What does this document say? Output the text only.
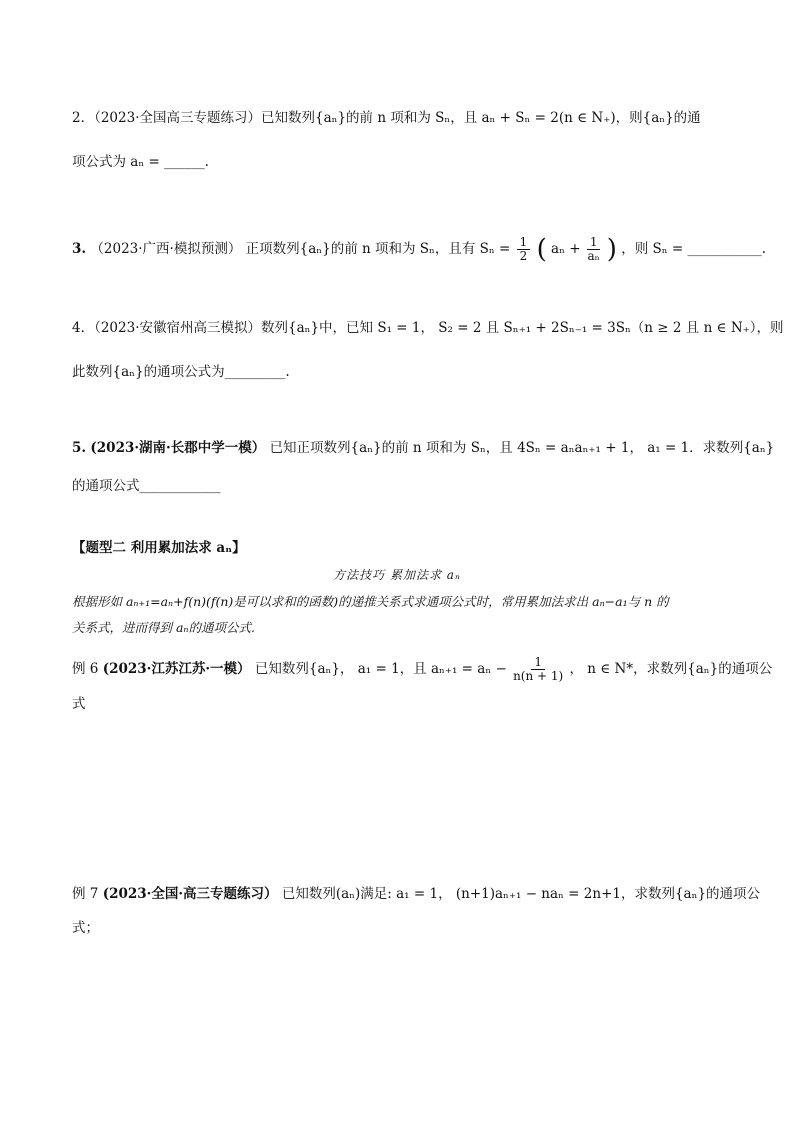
2．（2023·全国高三专题练习）已知数列{aₙ}的前 n 项和为 Sₙ，且 aₙ + Sₙ = 2(n ∈ N₊)，则{aₙ}的通
项公式为 aₙ = ______.
3. （2023·广西·模拟预测） 正项数列{aₙ}的前 n 项和为 Sₙ，且有 $S_n = \frac{1}{2}$ ( $a_n + \frac{1}{\text{aₙ}}$ ) ，则 Sₙ = ___________.
4．（2023·安徽宿州高三模拟）数列{aₙ}中，已知 S₁ = 1， S₂ = 2 且 Sₙ₊₁ + 2Sₙ₋₁ = 3Sₙ（n ≥ 2 且 n ∈ N₊），则
此数列{aₙ}的通项公式为_________.
5. (2023·湖南·长郡中学一模） 已知正项数列{aₙ}的前 n 项和为 Sₙ，且 4Sₙ = aₙaₙ₊₁ + 1， a₁ = 1．求数列{aₙ}
的通项公式____________
【题型二 利用累加法求 aₙ】
方法技巧 累加法求 aₙ
根据形如 aₙ₊₁=aₙ+f(n)(f(n)是可以求和的函数)的递推关系式求通项公式时，常用累加法求出 aₙ−a₁与 n 的
关系式，进而得到 aₙ的通项公式.
例 6 (2023·江苏江苏·一模） 已知数列{aₙ}， a₁ = 1，且 $a_{n+1} = a_n - \frac{1}{n(n + 1)}$ ， n ∈ N*，求数列{aₙ}的通项公
式
例 7 (2023·全国·高三专题练习） 已知数列(aₙ)满足: a₁ = 1， (n+1)aₙ₊₁ − naₙ = 2n+1，求数列{aₙ}的通项公
式；
